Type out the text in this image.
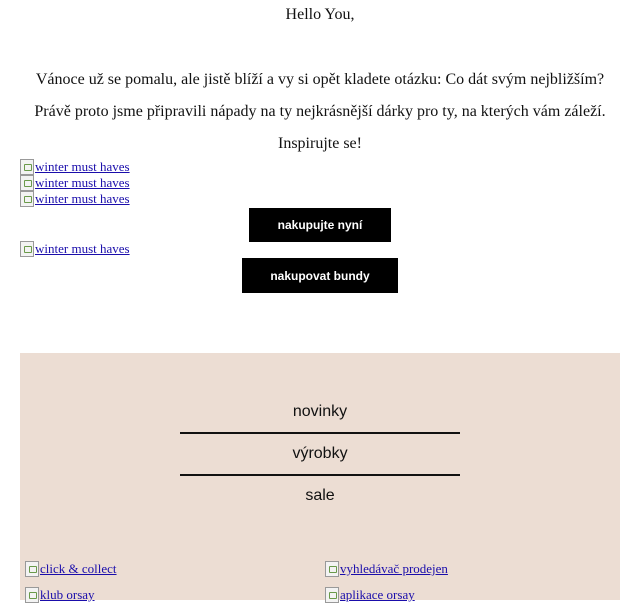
Hello You,
Vánoce už se pomalu, ale jistě blíží a vy si opět kladete otázku: Co dát svým nejbližším?
Právě proto jsme připravili nápady na ty nejkrásnější dárky pro ty, na kterých vám záleží.
Inspirujte se!
winter must haves
winter must haves
winter must haves
nakupujte nyní
winter must haves
nakupovat bundy
novinky
výrobky
sale
click & collect	vyhledávač prodejen
klub orsay	aplikace orsay
